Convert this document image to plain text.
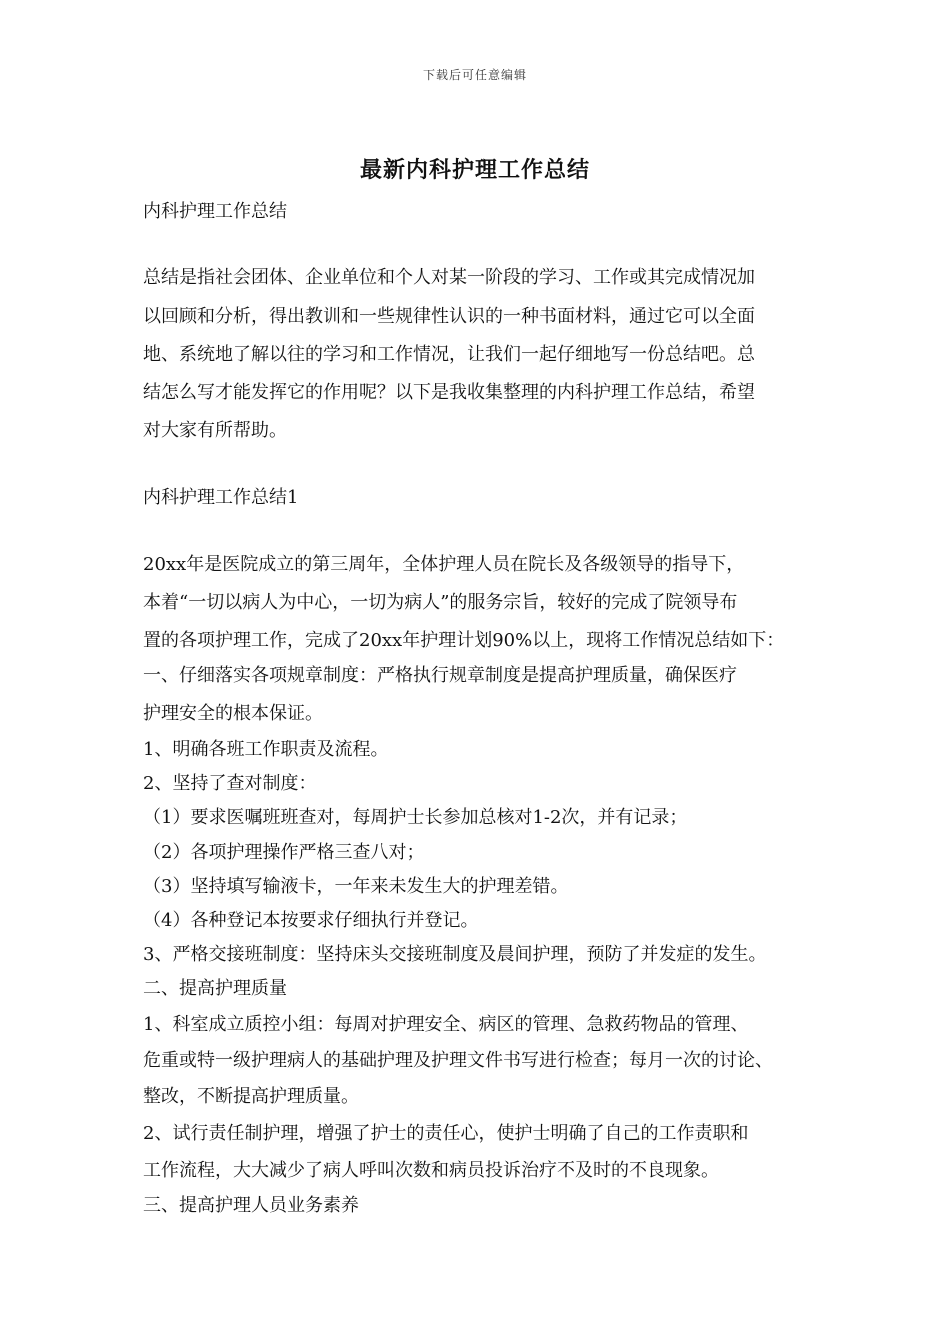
下载后可任意编辑
最新内科护理工作总结
内科护理工作总结
总结是指社会团体、企业单位和个人对某一阶段的学习、工作或其完成情况加
以回顾和分析，得出教训和一些规律性认识的一种书面材料，通过它可以全面
地、系统地了解以往的学习和工作情况，让我们一起仔细地写一份总结吧。总
结怎么写才能发挥它的作用呢？以下是我收集整理的内科护理工作总结，希望
对大家有所帮助。
内科护理工作总结1
20xx年是医院成立的第三周年，全体护理人员在院长及各级领导的指导下，
本着“一切以病人为中心，一切为病人”的服务宗旨，较好的完成了院领导布
置的各项护理工作，完成了20xx年护理计划90%以上，现将工作情况总结如下：
一、仔细落实各项规章制度：严格执行规章制度是提高护理质量，确保医疗
护理安全的根本保证。
1、明确各班工作职责及流程。
2、坚持了查对制度：
（1）要求医嘱班班查对，每周护士长参加总核对1-2次，并有记录；
（2）各项护理操作严格三查八对；
（3）坚持填写输液卡，一年来未发生大的护理差错。
（4）各种登记本按要求仔细执行并登记。
3、严格交接班制度：坚持床头交接班制度及晨间护理，预防了并发症的发生。
二、提高护理质量
1、科室成立质控小组：每周对护理安全、病区的管理、急救药物品的管理、
危重或特一级护理病人的基础护理及护理文件书写进行检查；每月一次的讨论、
整改，不断提高护理质量。
2、试行责任制护理，增强了护士的责任心，使护士明确了自己的工作责职和
工作流程，大大减少了病人呼叫次数和病员投诉治疗不及时的不良现象。
三、提高护理人员业务素养
